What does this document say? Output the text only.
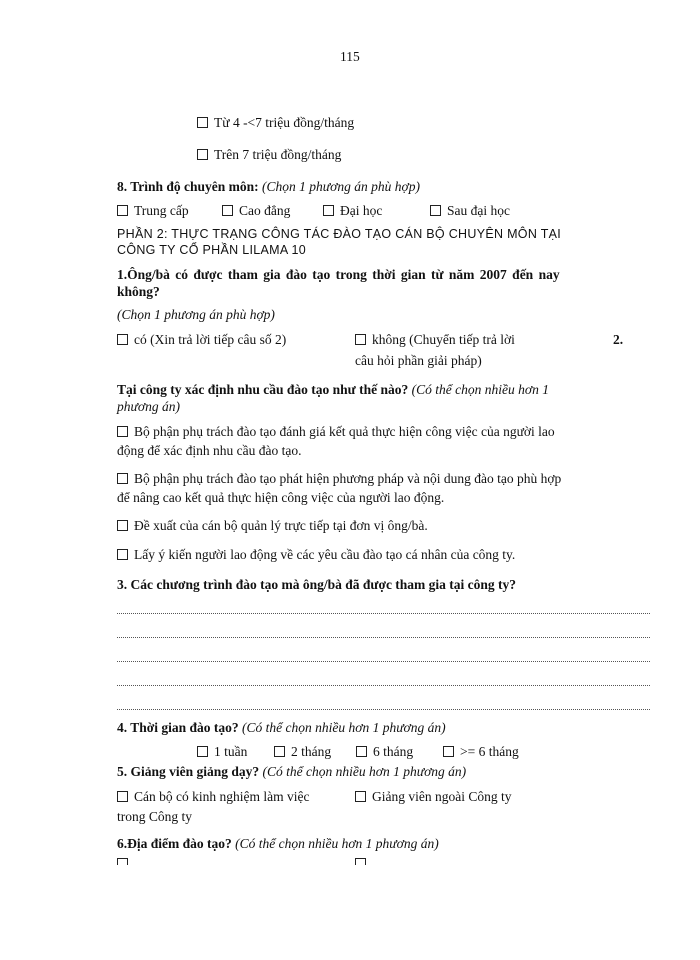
115
Từ 4 -<7 triệu đồng/tháng
Trên 7 triệu đồng/tháng
8. Trình độ chuyên môn: (Chọn 1 phương án phù hợp)
Trung cấp	Cao đẳng	Đại học	Sau đại học
PHẦN 2: THỰC TRẠNG CÔNG TÁC ĐÀO TẠO CÁN BỘ CHUYÊN MÔN TẠI
CÔNG TY CỔ PHẦN LILAMA 10
1.Ông/bà có được tham gia đào tạo trong thời gian từ năm 2007 đến nay
không?
(Chọn 1 phương án phù hợp)
có (Xin trả lời tiếp câu số 2)	không (Chuyển tiếp trả lời
câu hỏi phần giải pháp)
2.
Tại công ty xác định nhu cầu đào tạo như thế nào? (Có thể chọn nhiều hơn 1
phương án)
Bộ phận phụ trách đào tạo đánh giá kết quả thực hiện công việc của người lao
động để xác định nhu cầu đào tạo.
Bộ phận phụ trách đào tạo phát hiện phương pháp và nội dung đào tạo phù hợp
để nâng cao kết quả thực hiện công việc của người lao động.
Đề xuất của cán bộ quản lý trực tiếp tại đơn vị ông/bà.
Lấy ý kiến người lao động về các yêu cầu đào tạo cá nhân của công ty.
3. Các chương trình đào tạo mà ông/bà đã được tham gia tại công ty?
4. Thời gian đào tạo? (Có thể chọn nhiều hơn 1 phương án)
1 tuần	2 tháng	6 tháng	>= 6 tháng
5. Giảng viên giảng dạy? (Có thể chọn nhiều hơn 1 phương án)
Cán bộ có kinh nghiệm làm việc
trong Công ty
Giảng viên ngoài Công ty
6.Địa điểm đào tạo? (Có thể chọn nhiều hơn 1 phương án)
